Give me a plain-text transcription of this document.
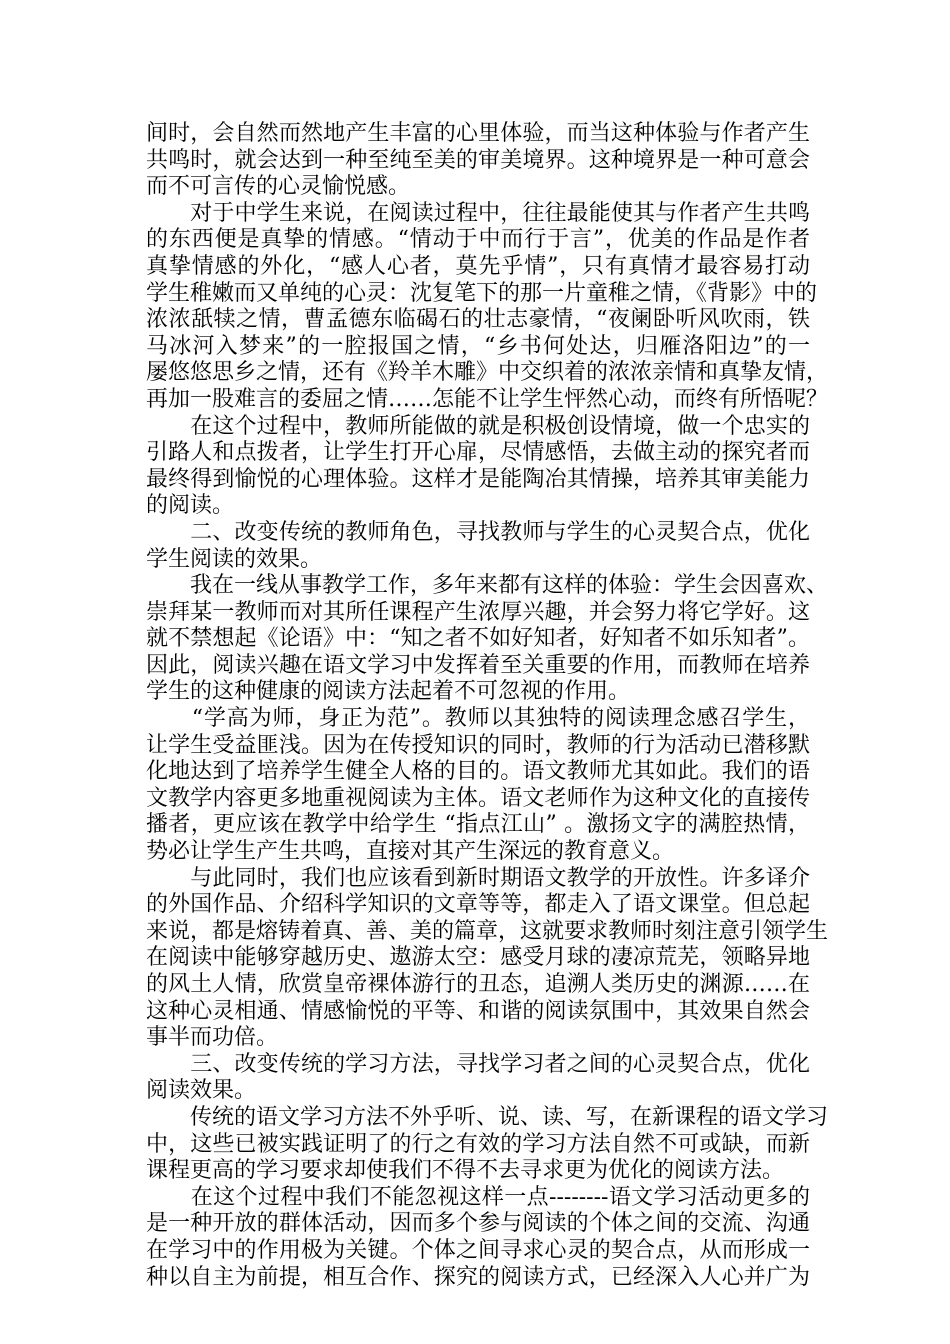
间时，会自然而然地产生丰富的心里体验，而当这种体验与作者产生
共鸣时，就会达到一种至纯至美的审美境界。这种境界是一种可意会
而不可言传的心灵愉悦感。
　　对于中学生来说，在阅读过程中，往往最能使其与作者产生共鸣
的东西便是真挚的情感。“情动于中而行于言”，优美的作品是作者
真挚情感的外化，“感人心者，莫先乎情”，只有真情才最容易打动
学生稚嫩而又单纯的心灵：沈复笔下的那一片童稚之情，《背影》中的
浓浓舐犊之情，曹孟德东临碣石的壮志豪情，“夜阑卧听风吹雨，铁
马冰河入梦来”的一腔报国之情，“乡书何处达，归雁洛阳边”的一
屡悠悠思乡之情，还有《羚羊木雕》中交织着的浓浓亲情和真挚友情，
再加一股难言的委屈之情……怎能不让学生怦然心动，而终有所悟呢？
　　在这个过程中，教师所能做的就是积极创设情境，做一个忠实的
引路人和点拨者，让学生打开心扉，尽情感悟，去做主动的探究者而
最终得到愉悦的心理体验。这样才是能陶冶其情操，培养其审美能力
的阅读。
　　二、改变传统的教师角色，寻找教师与学生的心灵契合点，优化
学生阅读的效果。
　　我在一线从事教学工作，多年来都有这样的体验：学生会因喜欢、
崇拜某一教师而对其所任课程产生浓厚兴趣，并会努力将它学好。这
就不禁想起《论语》中：“知之者不如好知者，好知者不如乐知者”。
因此，阅读兴趣在语文学习中发挥着至关重要的作用，而教师在培养
学生的这种健康的阅读方法起着不可忽视的作用。
　　“学高为师，身正为范”。教师以其独特的阅读理念感召学生，
让学生受益匪浅。因为在传授知识的同时，教师的行为活动已潜移默
化地达到了培养学生健全人格的目的。语文教师尤其如此。我们的语
文教学内容更多地重视阅读为主体。语文老师作为这种文化的直接传
播者，更应该在教学中给学生 “指点江山” 。激扬文字的满腔热情，
势必让学生产生共鸣，直接对其产生深远的教育意义。
　　与此同时，我们也应该看到新时期语文教学的开放性。许多译介
的外国作品、介绍科学知识的文章等等，都走入了语文课堂。但总起
来说，都是熔铸着真、善、美的篇章，这就要求教师时刻注意引领学生
在阅读中能够穿越历史、遨游太空：感受月球的凄凉荒芜，领略异地
的风土人情，欣赏皇帝裸体游行的丑态，追溯人类历史的渊源……在
这种心灵相通、情感愉悦的平等、和谐的阅读氛围中，其效果自然会
事半而功倍。
　　三、改变传统的学习方法，寻找学习者之间的心灵契合点，优化
阅读效果。
　　传统的语文学习方法不外乎听、说、读、写，在新课程的语文学习
中，这些已被实践证明了的行之有效的学习方法自然不可或缺，而新
课程更高的学习要求却使我们不得不去寻求更为优化的阅读方法。
　　在这个过程中我们不能忽视这样一点--------语文学习活动更多的
是一种开放的群体活动，因而多个参与阅读的个体之间的交流、沟通
在学习中的作用极为关键。个体之间寻求心灵的契合点，从而形成一
种以自主为前提，相互合作、探究的阅读方式，已经深入人心并广为
